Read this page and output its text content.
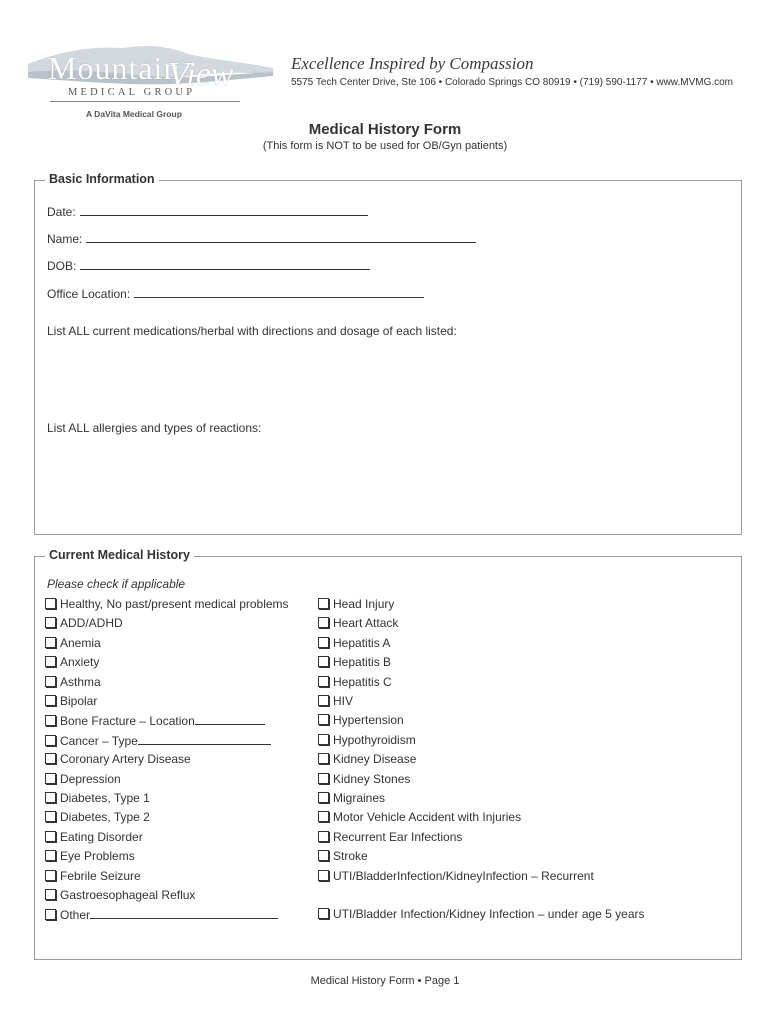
Mountain
View
MEDICAL GROUP
A DaVita Medical Group
Excellence Inspired by Compassion
5575 Tech Center Drive, Ste 106 • Colorado Springs CO 80919 • (719) 590-1177 • www.MVMG.com
Medical History Form
(This form is NOT to be used for OB/Gyn patients)
Basic Information
Date:
Name:
DOB:
Office Location:
List ALL current medications/herbal with directions and dosage of each listed:
List ALL allergies and types of reactions:
Current Medical History
Please check if applicable
Healthy, No past/present medical problems
ADD/ADHD
Anemia
Anxiety
Asthma
Bipolar
Bone Fracture – Location
Cancer – Type
Coronary Artery Disease
Depression
Diabetes, Type 1
Diabetes, Type 2
Eating Disorder
Eye Problems
Febrile Seizure
Gastroesophageal Reflux
Other
Head Injury
Heart Attack
Hepatitis A
Hepatitis B
Hepatitis C
HIV
Hypertension
Hypothyroidism
Kidney Disease
Kidney Stones
Migraines
Motor Vehicle Accident with Injuries
Recurrent Ear Infections
Stroke
UTI/BladderInfection/KidneyInfection – Recurrent
UTI/Bladder Infection/Kidney Infection – under age 5 years
Medical History Form • Page 1
